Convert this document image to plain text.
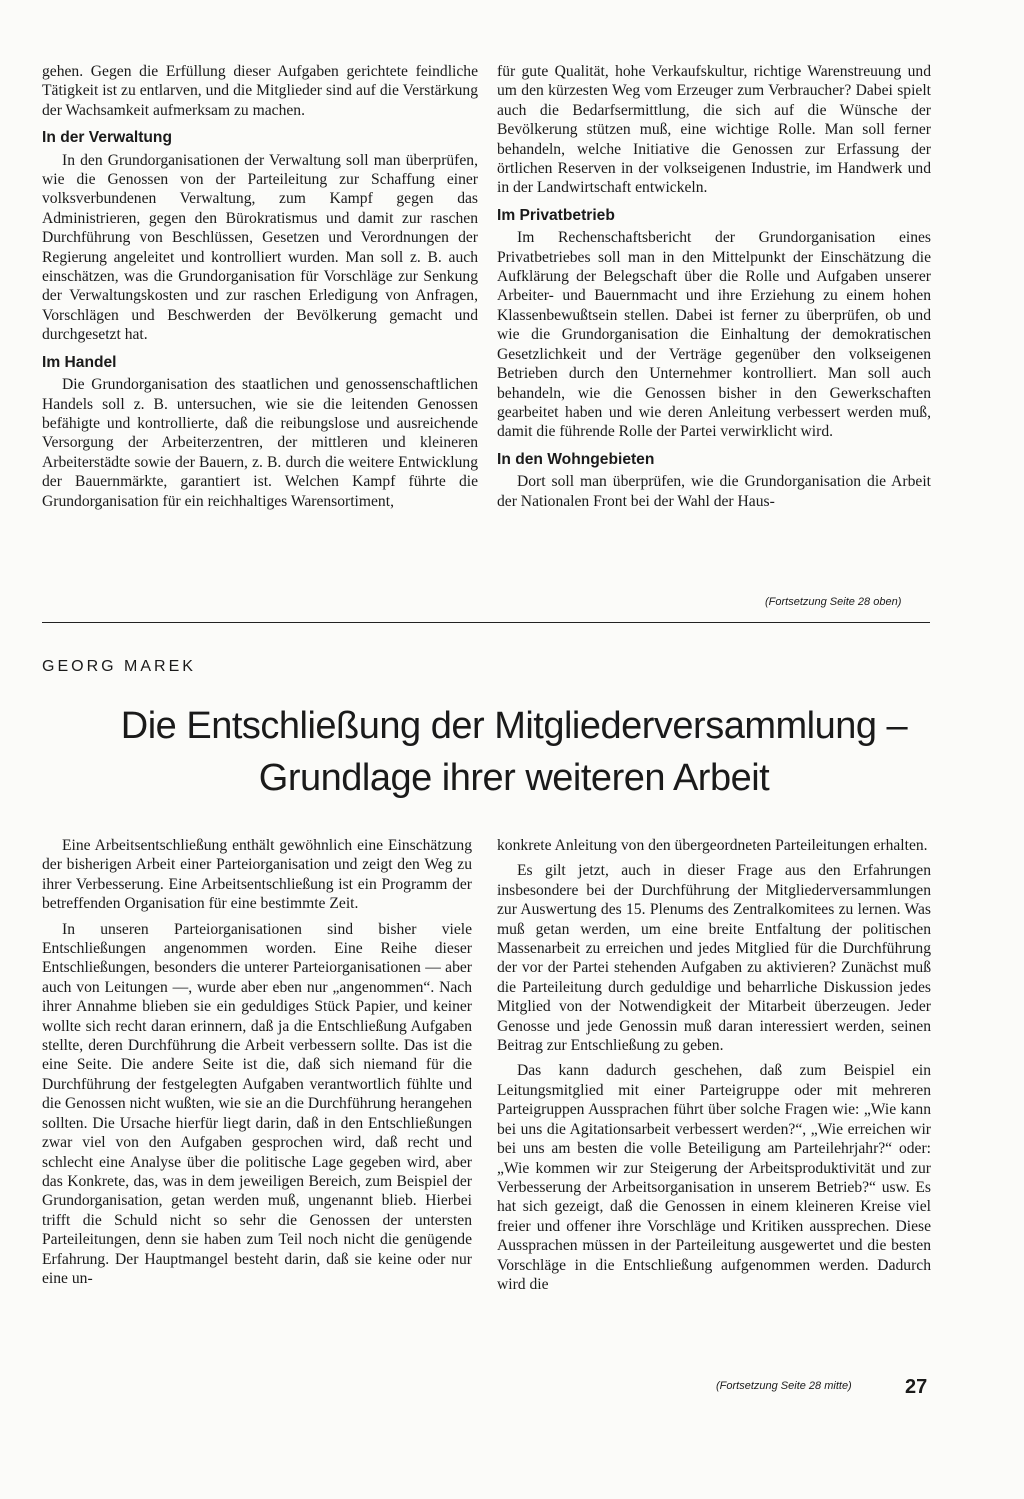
gehen. Gegen die Erfüllung dieser Aufgaben gerichtete feindliche Tätigkeit ist zu entlarven, und die Mitglieder sind auf die Verstärkung der Wachsamkeit aufmerksam zu machen.

In der Verwaltung

In den Grundorganisationen der Verwaltung soll man überprüfen, wie die Genossen von der Parteileitung zur Schaffung einer volksverbundenen Verwaltung, zum Kampf gegen das Administrieren, gegen den Bürokratismus und damit zur raschen Durchführung von Beschlüssen, Gesetzen und Verordnungen der Regierung angeleitet und kontrolliert wurden. Man soll z. B. auch einschätzen, was die Grundorganisation für Vorschläge zur Senkung der Verwaltungskosten und zur raschen Erledigung von Anfragen, Vorschlägen und Beschwerden der Bevölkerung gemacht und durchgesetzt hat.

Im Handel

Die Grundorganisation des staatlichen und genossenschaftlichen Handels soll z. B. untersuchen, wie sie die leitenden Genossen befähigte und kontrollierte, daß die reibungslose und ausreichende Versorgung der Arbeiterzentren, der mittleren und kleineren Arbeiterstädte sowie der Bauern, z. B. durch die weitere Entwicklung der Bauernmärkte, garantiert ist. Welchen Kampf führte die Grundorganisation für ein reichhaltiges Warensortiment,

für gute Qualität, hohe Verkaufskultur, richtige Warenstreuung und um den kürzesten Weg vom Erzeuger zum Verbraucher? Dabei spielt auch die Bedarfsermittlung, die sich auf die Wünsche der Bevölkerung stützen muß, eine wichtige Rolle. Man soll ferner behandeln, welche Initiative die Genossen zur Erfassung der örtlichen Reserven in der volkseigenen Industrie, im Handwerk und in der Landwirtschaft entwickeln.

Im Privatbetrieb

Im Rechenschaftsbericht der Grundorganisation eines Privatbetriebes soll man in den Mittelpunkt der Einschätzung die Aufklärung der Belegschaft über die Rolle und Aufgaben unserer Arbeiter- und Bauernmacht und ihre Erziehung zu einem hohen Klassenbewußtsein stellen. Dabei ist ferner zu überprüfen, ob und wie die Grundorganisation die Einhaltung der demokratischen Gesetzlichkeit und der Verträge gegenüber den volkseigenen Betrieben durch den Unternehmer kontrolliert. Man soll auch behandeln, wie die Genossen bisher in den Gewerkschaften gearbeitet haben und wie deren Anleitung verbessert werden muß, damit die führende Rolle der Partei verwirklicht wird.

In den Wohngebieten

Dort soll man überprüfen, wie die Grundorganisation die Arbeit der Nationalen Front bei der Wahl der Haus-

(Fortsetzung Seite 28 oben)
GEORG MAREK
Die Entschließung der Mitgliederversammlung –
Grundlage ihrer weiteren Arbeit

Eine Arbeitsentschließung enthält gewöhnlich eine Einschätzung der bisherigen Arbeit einer Parteiorganisation und zeigt den Weg zu ihrer Verbesserung. Eine Arbeitsentschließung ist ein Programm der betreffenden Organisation für eine bestimmte Zeit.

In unseren Parteiorganisationen sind bisher viele Entschließungen angenommen worden. Eine Reihe dieser Entschließungen, besonders die unterer Parteiorganisationen — aber auch von Leitungen —, wurde aber eben nur „angenommen“. Nach ihrer Annahme blieben sie ein geduldiges Stück Papier, und keiner wollte sich recht daran erinnern, daß ja die Entschließung Aufgaben stellte, deren Durchführung die Arbeit verbessern sollte. Das ist die eine Seite. Die andere Seite ist die, daß sich niemand für die Durchführung der festgelegten Aufgaben verantwortlich fühlte und die Genossen nicht wußten, wie sie an die Durchführung herangehen sollten. Die Ursache hierfür liegt darin, daß in den Entschließungen zwar viel von den Aufgaben gesprochen wird, daß recht und schlecht eine Analyse über die politische Lage gegeben wird, aber das Konkrete, das, was in dem jeweiligen Bereich, zum Beispiel der Grundorganisation, getan werden muß, ungenannt blieb. Hierbei trifft die Schuld nicht so sehr die Genossen der untersten Parteileitungen, denn sie haben zum Teil noch nicht die genügende Erfahrung. Der Hauptmangel besteht darin, daß sie keine oder nur eine un-

konkrete Anleitung von den übergeordneten Parteileitungen erhalten.

Es gilt jetzt, auch in dieser Frage aus den Erfahrungen insbesondere bei der Durchführung der Mitgliederversammlungen zur Auswertung des 15. Plenums des Zentralkomitees zu lernen. Was muß getan werden, um eine breite Entfaltung der politischen Massenarbeit zu erreichen und jedes Mitglied für die Durchführung der vor der Partei stehenden Aufgaben zu aktivieren? Zunächst muß die Parteileitung durch geduldige und beharrliche Diskussion jedes Mitglied von der Notwendigkeit der Mitarbeit überzeugen. Jeder Genosse und jede Genossin muß daran interessiert werden, seinen Beitrag zur Entschließung zu geben.

Das kann dadurch geschehen, daß zum Beispiel ein Leitungsmitglied mit einer Parteigruppe oder mit mehreren Parteigruppen Aussprachen führt über solche Fragen wie: „Wie kann bei uns die Agitationsarbeit verbessert werden?“, „Wie erreichen wir bei uns am besten die volle Beteiligung am Parteilehrjahr?“ oder: „Wie kommen wir zur Steigerung der Arbeitsproduktivität und zur Verbesserung der Arbeitsorganisation in unserem Betrieb?“ usw. Es hat sich gezeigt, daß die Genossen in einem kleineren Kreise viel freier und offener ihre Vorschläge und Kritiken aussprechen. Diese Aussprachen müssen in der Parteileitung ausgewertet und die besten Vorschläge in die Entschließung aufgenommen werden. Dadurch wird die

(Fortsetzung Seite 28 mitte)	27
